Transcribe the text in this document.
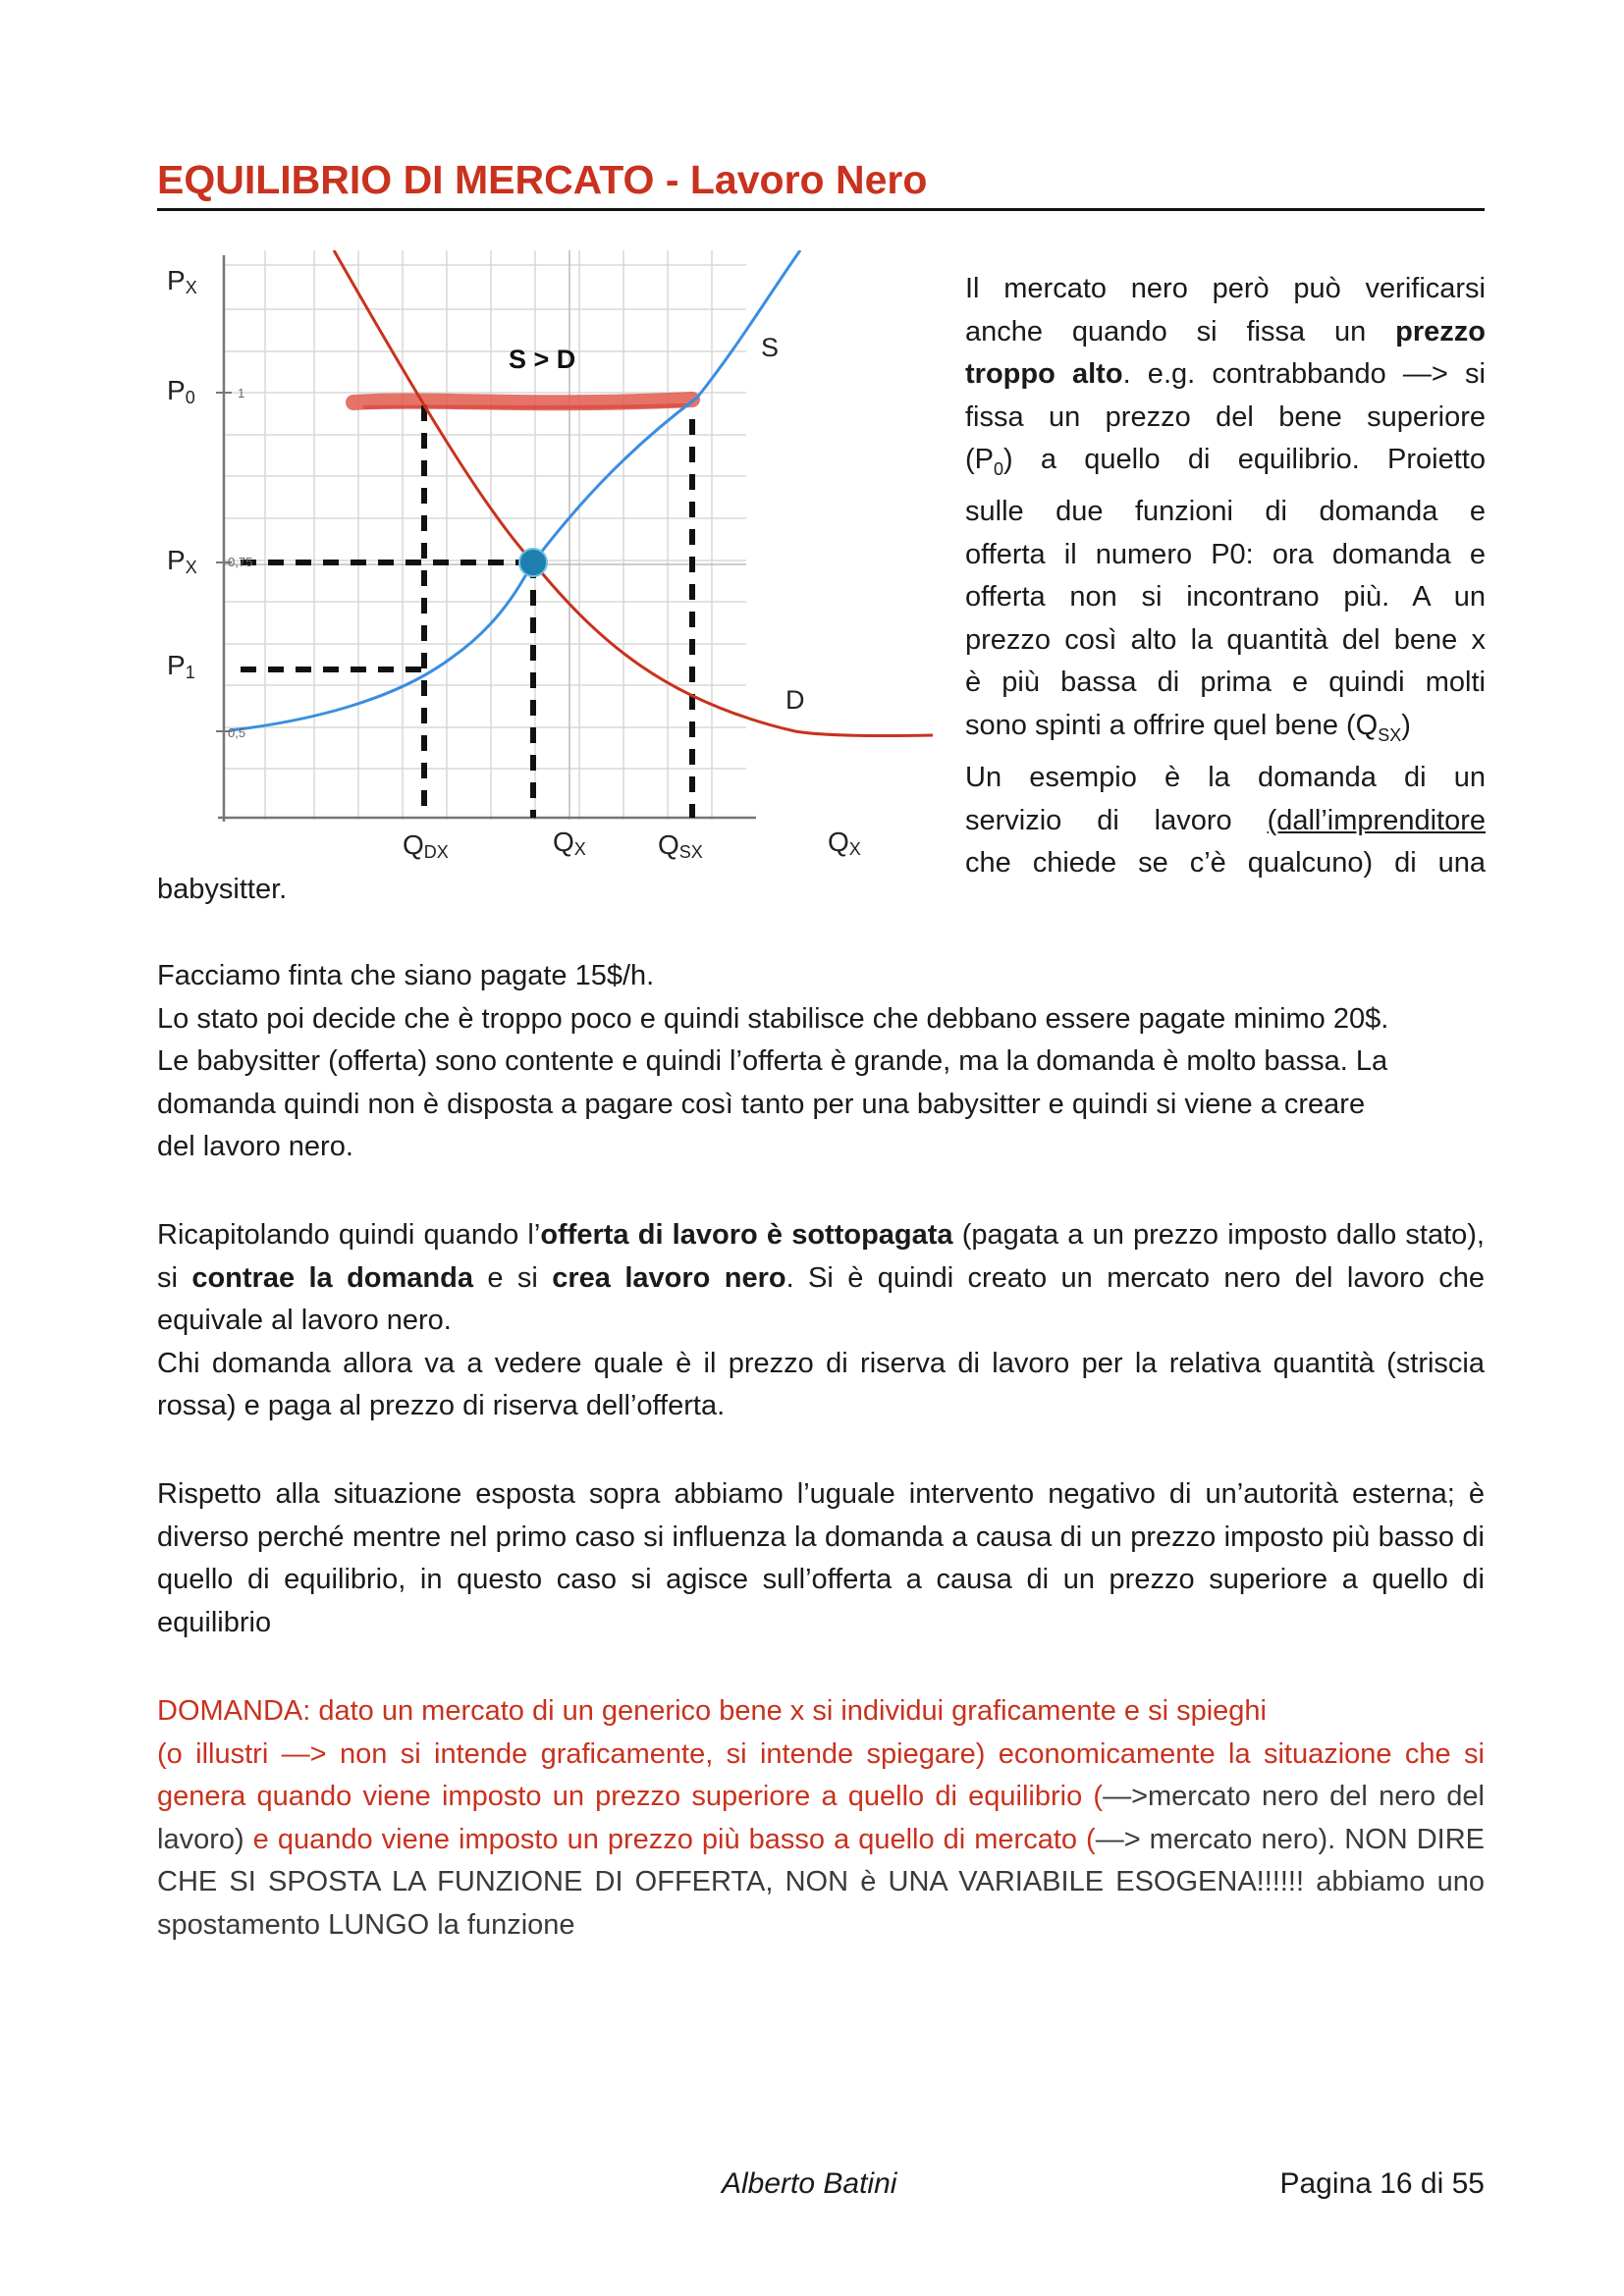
EQUILIBRIO DI MERCATO - Lavoro Nero
PX
P0
PX
P1
1
0,75
0,5
S > D	S
D
QDX	QX	QSX	QX
Il mercato nero però può verificarsi
anche quando si fissa un prezzo
troppo alto. e.g. contrabbando —> si
fissa un prezzo del bene superiore
$(P_0)$ a quello di equilibrio. Proietto
sulle due funzioni di domanda e
offerta il numero P0: ora domanda e
offerta non si incontrano più. A un
prezzo così alto la quantità del bene x
è più bassa di prima e quindi molti
sono spinti a offrire quel bene $(Q_{SX})$
Un esempio è la domanda di un
servizio di lavoro (dall’imprenditore
che chiede se c’è qualcuno) di una

babysitter.

Facciamo finta che siano pagate 15$/h.
Lo stato poi decide che è troppo poco e quindi stabilisce che debbano essere pagate minimo 20$.
Le babysitter (offerta) sono contente e quindi l’offerta è grande, ma la domanda è molto bassa. La
domanda quindi non è disposta a pagare così tanto per una babysitter e quindi si viene a creare
del lavoro nero.

Ricapitolando quindi quando l’offerta di lavoro è sottopagata (pagata a un prezzo imposto dallo stato), si contrae la domanda e si crea lavoro nero. Si è quindi creato un mercato nero del lavoro che equivale al lavoro nero.
Chi domanda allora va a vedere quale è il prezzo di riserva di lavoro per la relativa quantità (striscia rossa) e paga al prezzo di riserva dell’offerta.

Rispetto alla situazione esposta sopra abbiamo l’uguale intervento negativo di un’autorità esterna; è diverso perché mentre nel primo caso si influenza la domanda a causa di un prezzo imposto più basso di quello di equilibrio, in questo caso si agisce sull’offerta a causa di un prezzo superiore a quello di equilibrio

DOMANDA: dato un mercato di un generico bene x si individui graficamente e si spieghi
(o illustri —> non si intende graficamente, si intende spiegare) economicamente la situazione che si genera quando viene imposto un prezzo superiore a quello di equilibrio (—>mercato nero del nero del lavoro) e quando viene imposto un prezzo più basso a quello di mercato (—> mercato nero). NON DIRE CHE SI SPOSTA LA FUNZIONE DI OFFERTA, NON è UNA VARIABILE ESOGENA!!!!!! abbiamo uno spostamento LUNGO la funzione

Alberto Batini	Pagina 16 di 55
